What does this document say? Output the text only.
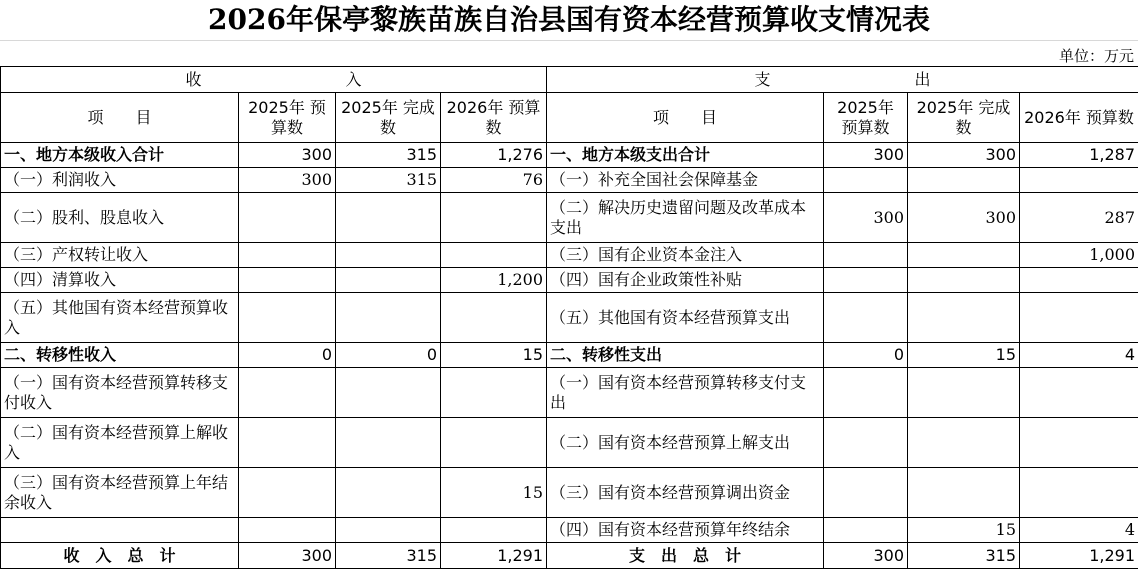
2026年保亭黎族苗族自治县国有资本经营预算收支情况表
单位：万元
收　　　　　　　　　入				支　　　　　　　　　出			
项　　目	2025年 预算数	2025年 完成数	2026年 预算数	项　　目	2025年 预算数	2025年 完成数	2026年 预算数
一、地方本级收入合计	300	315	1,276	一、地方本级支出合计	300	300	1,287
（一）利润收入	300	315	76	（一）补充全国社会保障基金			
（二）股利、股息收入				（二）解决历史遗留问题及改革成本支出	300	300	287
（三）产权转让收入				（三）国有企业资本金注入			1,000
（四）清算收入			1,200	（四）国有企业政策性补贴			
（五）其他国有资本经营预算收入				（五）其他国有资本经营预算支出			
二、转移性收入	0	0	15	二、转移性支出	0	15	4
（一）国有资本经营预算转移支付收入				（一）国有资本经营预算转移支付支出			
（二）国有资本经营预算上解收入				（二）国有资本经营预算上解支出			
（三）国有资本经营预算上年结余收入			15	（三）国有资本经营预算调出资金			
				（四）国有资本经营预算年终结余		15	4
收　入　总　计	300	315	1,291	支　出　总　计	300	315	1,291
